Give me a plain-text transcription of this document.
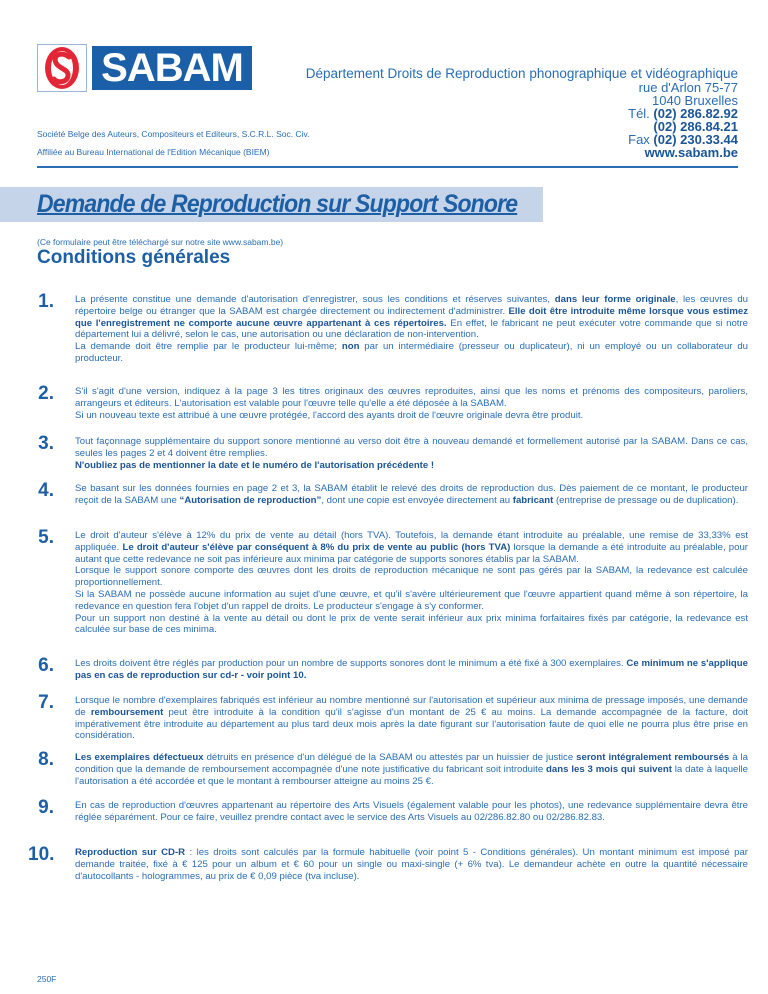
SABAM	Département Droits de Reproduction phonographique et vidéographique
rue d'Arlon 75-77
1040 Bruxelles
Tél. (02) 286.82.92
(02) 286.84.21
Fax (02) 230.33.44
www.sabam.be
Société Belge des Auteurs, Compositeurs et Editeurs, S.C.R.L. Soc. Civ.
Affiliée au Bureau International de l'Edition Mécanique (BIEM)
Demande de Reproduction sur Support Sonore
(Ce formulaire peut être téléchargé sur notre site www.sabam.be)
Conditions générales
1. La présente constitue une demande d'autorisation d'enregistrer, sous les conditions et réserves suivantes, dans leur forme originale, les œuvres du répertoire belge ou étranger que la SABAM est chargée directement ou indirectement d'administrer. Elle doit être introduite même lorsque vous estimez que l'enregistrement ne comporte aucune œuvre appartenant à ces répertoires. En effet, le fabricant ne peut exécuter votre commande que si notre département lui a délivré, selon le cas, une autorisation ou une déclaration de non-intervention.

La demande doit être remplie par le producteur lui-même; non par un intermédiaire (presseur ou duplicateur), ni un employé ou un collaborateur du producteur.

2. S'il s'agit d'une version, indiquez à la page 3 les titres originaux des œuvres reproduites, ainsi que les noms et prénoms des compositeurs, paroliers, arrangeurs et éditeurs. L'autorisation est valable pour l'œuvre telle qu'elle a été déposée à la SABAM.

Si un nouveau texte est attribué à une œuvre protégée, l'accord des ayants droit de l'œuvre originale devra être produit.

3. Tout façonnage supplémentaire du support sonore mentionné au verso doit être à nouveau demandé et formellement autorisé par la SABAM. Dans ce cas, seules les pages 2 et 4 doivent être remplies.

N'oubliez pas de mentionner la date et le numéro de l'autorisation précédente !

4. Se basant sur les données fournies en page 2 et 3, la SABAM établit le relevé des droits de reproduction dus. Dès paiement de ce montant, le producteur reçoit de la SABAM une “Autorisation de reproduction”, dont une copie est envoyée directement au fabricant (entreprise de pressage ou de duplication).

5. Le droit d'auteur s'élève à 12% du prix de vente au détail (hors TVA). Toutefois, la demande étant introduite au préalable, une remise de 33,33% est appliquée. Le droit d'auteur s'élève par conséquent à 8% du prix de vente au public (hors TVA) lorsque la demande a été introduite au préalable, pour autant que cette redevance ne soit pas inférieure aux minima par catégorie de supports sonores établis par la SABAM.

Lorsque le support sonore comporte des œuvres dont les droits de reproduction mécanique ne sont pas gérés par la SABAM, la redevance est calculée proportionnellement.

Si la SABAM ne possède aucune information au sujet d'une œuvre, et qu'il s'avère ultérieurement que l'œuvre appartient quand même à son répertoire, la redevance en question fera l'objet d'un rappel de droits. Le producteur s'engage à s'y conformer.

Pour un support non destiné à la vente au détail ou dont le prix de vente serait inférieur aux prix minima forfaitaires fixés par catégorie, la redevance est calculée sur base de ces minima.

6. Les droits doivent être réglés par production pour un nombre de supports sonores dont le minimum a été fixé à 300 exemplaires. Ce minimum ne s'applique pas en cas de reproduction sur cd-r - voir point 10.

7. Lorsque le nombre d'exemplaires fabriqués est inférieur au nombre mentionné sur l'autorisation et supérieur aux minima de pressage imposés, une demande de remboursement peut être introduite à la condition qu'il s'agisse d'un montant de 25 € au moins. La demande accompagnée de la facture, doit impérativement être introduite au département au plus tard deux mois après la date figurant sur l'autorisation faute de quoi elle ne pourra plus être prise en considération.

8. Les exemplaires défectueux détruits en présence d'un délégué de la SABAM ou attestés par un huissier de justice seront intégralement remboursés à la condition que la demande de remboursement accompagnée d'une note justificative du fabricant soit introduite dans les 3 mois qui suivent la date à laquelle l'autorisation a été accordée et que le montant à rembourser atteigne au moins 25 €.

9. En cas de reproduction d'œuvres appartenant au répertoire des Arts Visuels (également valable pour les photos), une redevance supplémentaire devra être réglée séparément. Pour ce faire, veuillez prendre contact avec le service des Arts Visuels au 02/286.82.80 ou 02/286.82.83.

10. Reproduction sur CD-R : les droits sont calculés par la formule habituelle (voir point 5 - Conditions générales). Un montant minimum est imposé par demande traitée, fixé à € 125 pour un album et € 60 pour un single ou maxi-single (+ 6% tva). Le demandeur achète en outre la quantité nécessaire d'autocollants - hologrammes, au prix de € 0,09 pièce (tva incluse).

250F
